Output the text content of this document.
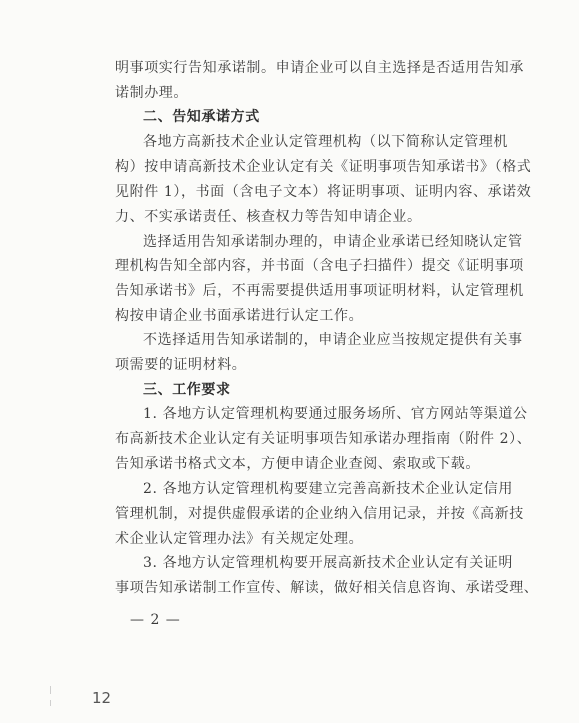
明事项实行告知承诺制。申请企业可以自主选择是否适用告知承
诺制办理。
二、告知承诺方式
各地方高新技术企业认定管理机构（以下简称认定管理机
构）按申请高新技术企业认定有关《证明事项告知承诺书》（格式
见附件 1），书面（含电子文本）将证明事项、证明内容、承诺效
力、不实承诺责任、核查权力等告知申请企业。
选择适用告知承诺制办理的，申请企业承诺已经知晓认定管
理机构告知全部内容，并书面（含电子扫描件）提交《证明事项
告知承诺书》后，不再需要提供适用事项证明材料，认定管理机
构按申请企业书面承诺进行认定工作。
不选择适用告知承诺制的，申请企业应当按规定提供有关事
项需要的证明材料。
三、工作要求
1. 各地方认定管理机构要通过服务场所、官方网站等渠道公
布高新技术企业认定有关证明事项告知承诺办理指南（附件 2）、
告知承诺书格式文本，方便申请企业查阅、索取或下载。
2. 各地方认定管理机构要建立完善高新技术企业认定信用
管理机制，对提供虚假承诺的企业纳入信用记录，并按《高新技
术企业认定管理办法》有关规定处理。
3. 各地方认定管理机构要开展高新技术企业认定有关证明
事项告知承诺制工作宣传、解读，做好相关信息咨询、承诺受理、
— 2 —
12
